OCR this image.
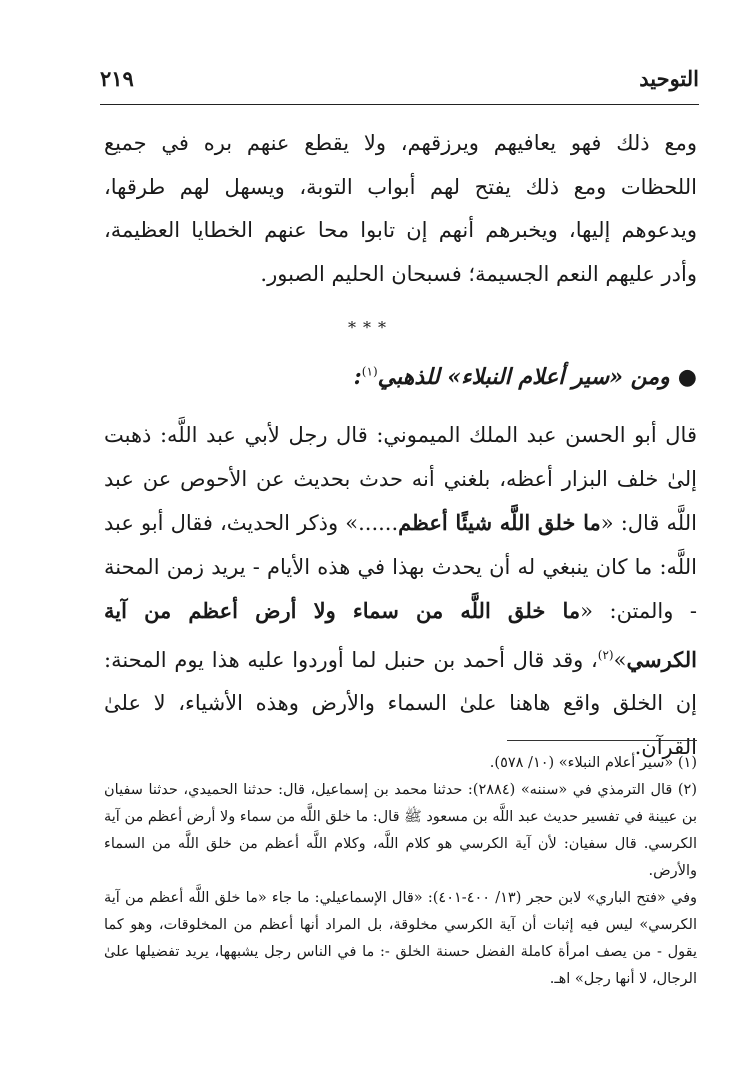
التوحيد
٢١٩

ومع ذلك فهو يعافيهم ويرزقهم، ولا يقطع عنهم بره في جميع اللحظات ومع ذلك يفتح لهم أبواب التوبة، ويسهل لهم طرقها، ويدعوهم إليها، ويخبرهم أنهم إن تابوا محا عنهم الخطايا العظيمة، وأدر عليهم النعم الجسيمة؛ فسبحان الحليم الصبور.

***
●ومن «سير أعلام النبلاء» للذهبي$^{(١)}$:

قال أبو الحسن عبد الملك الميموني: قال رجل لأبي عبد اللَّه: ذهبت إلىٰ خلف البزار أعظه، بلغني أنه حدث بحديث عن الأحوص عن عبد اللَّه قال: «ما خلق اللَّه شيئًا أعظم......» وذكر الحديث، فقال أبو عبد اللَّه: ما كان ينبغي له أن يحدث بهذا في هذه الأيام - يريد زمن المحنة - والمتن: «ما خلق اللَّه من سماء ولا أرض أعظم من آية الكرسي»$^{(٢)}$، وقد قال أحمد بن حنبل لما أوردوا عليه هذا يوم المحنة: إن الخلق واقع هاهنا علىٰ السماء والأرض وهذه الأشياء، لا علىٰ القرآن.

(١) «سير أعلام النبلاء» (١٠/ ٥٧٨).

(٢) قال الترمذي في «سننه» (٢٨٨٤): حدثنا محمد بن إسماعيل، قال: حدثنا الحميدي، حدثنا سفيان بن عيينة في تفسير حديث عبد اللَّه بن مسعود ﷺ قال: ما خلق اللَّه من سماء ولا أرض أعظم من آية الكرسي. قال سفيان: لأن آية الكرسي هو كلام اللَّه، وكلام اللَّه أعظم من خلق اللَّه من السماء والأرض.

وفي «فتح الباري» لابن حجر (١٣/ ٤٠٠-٤٠١): «قال الإسماعيلي: ما جاء «ما خلق اللَّه أعظم من آية الكرسي» ليس فيه إثبات أن آية الكرسي مخلوقة، بل المراد أنها أعظم من المخلوقات، وهو كما يقول - من يصف امرأة كاملة الفضل حسنة الخلق -: ما في الناس رجل يشبهها، يريد تفضيلها علىٰ الرجال، لا أنها رجل» اهـ.
